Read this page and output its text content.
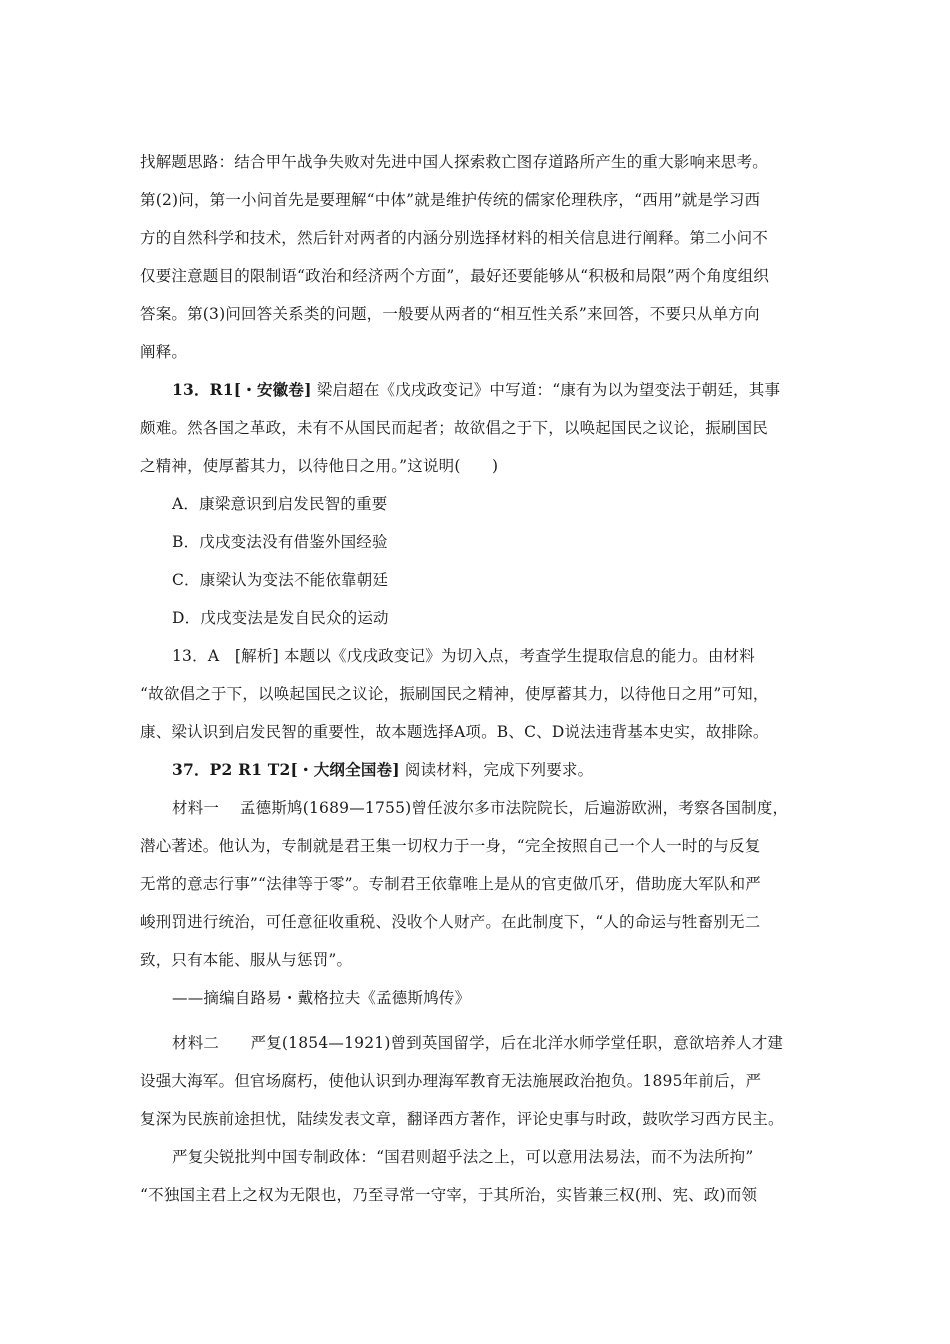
找解题思路：结合甲午战争失败对先进中国人探索救亡图存道路所产生的重大影响来思考。
第(2)问，第一小问首先是要理解“中体”就是维护传统的儒家伦理秩序，“西用”就是学习西
方的自然科学和技术，然后针对两者的内涵分别选择材料的相关信息进行阐释。第二小问不
仅要注意题目的限制语“政治和经济两个方面”，最好还要能够从“积极和局限”两个角度组织
答案。第(3)问回答关系类的问题，一般要从两者的“相互性关系”来回答，不要只从单方向
阐释。
13．R1[・安徽卷] 梁启超在《戊戌政变记》中写道：“康有为以为望变法于朝廷，其事
颇难。然各国之革政，未有不从国民而起者；故欲倡之于下，以唤起国民之议论，振刷国民
之精神，使厚蓄其力，以待他日之用。”这说明(　　)
A．康梁意识到启发民智的重要
B．戊戌变法没有借鉴外国经验
C．康梁认为变法不能依靠朝廷
D．戊戌变法是发自民众的运动
13．A　[解析] 本题以《戊戌政变记》为切入点，考查学生提取信息的能力。由材料
“故欲倡之于下，以唤起国民之议论，振刷国民之精神，使厚蓄其力，以待他日之用”可知，
康、梁认识到启发民智的重要性，故本题选择A项。B、C、D说法违背基本史实，故排除。
37．P2 R1 T2[・大纲全国卷] 阅读材料，完成下列要求。
材料一　 孟德斯鸠(1689—1755)曾任波尔多市法院院长，后遍游欧洲，考察各国制度，
潜心著述。他认为，专制就是君王集一切权力于一身，“完全按照自己一个人一时的与反复
无常的意志行事”“法律等于零”。专制君王依靠唯上是从的官吏做爪牙，借助庞大军队和严
峻刑罚进行统治，可任意征收重税、没收个人财产。在此制度下，“人的命运与牲畜别无二
致，只有本能、服从与惩罚”。
——摘编自路易・戴格拉夫《孟德斯鸠传》
材料二　　严复(1854—1921)曾到英国留学，后在北洋水师学堂任职，意欲培养人才建
设强大海军。但官场腐朽，使他认识到办理海军教育无法施展政治抱负。1895年前后，严
复深为民族前途担忧，陆续发表文章，翻译西方著作，评论史事与时政，鼓吹学习西方民主。
严复尖锐批判中国专制政体：“国君则超乎法之上，可以意用法易法，而不为法所拘”
“不独国主君上之权为无限也，乃至寻常一守宰，于其所治，实皆兼三权(刑、宪、政)而领
